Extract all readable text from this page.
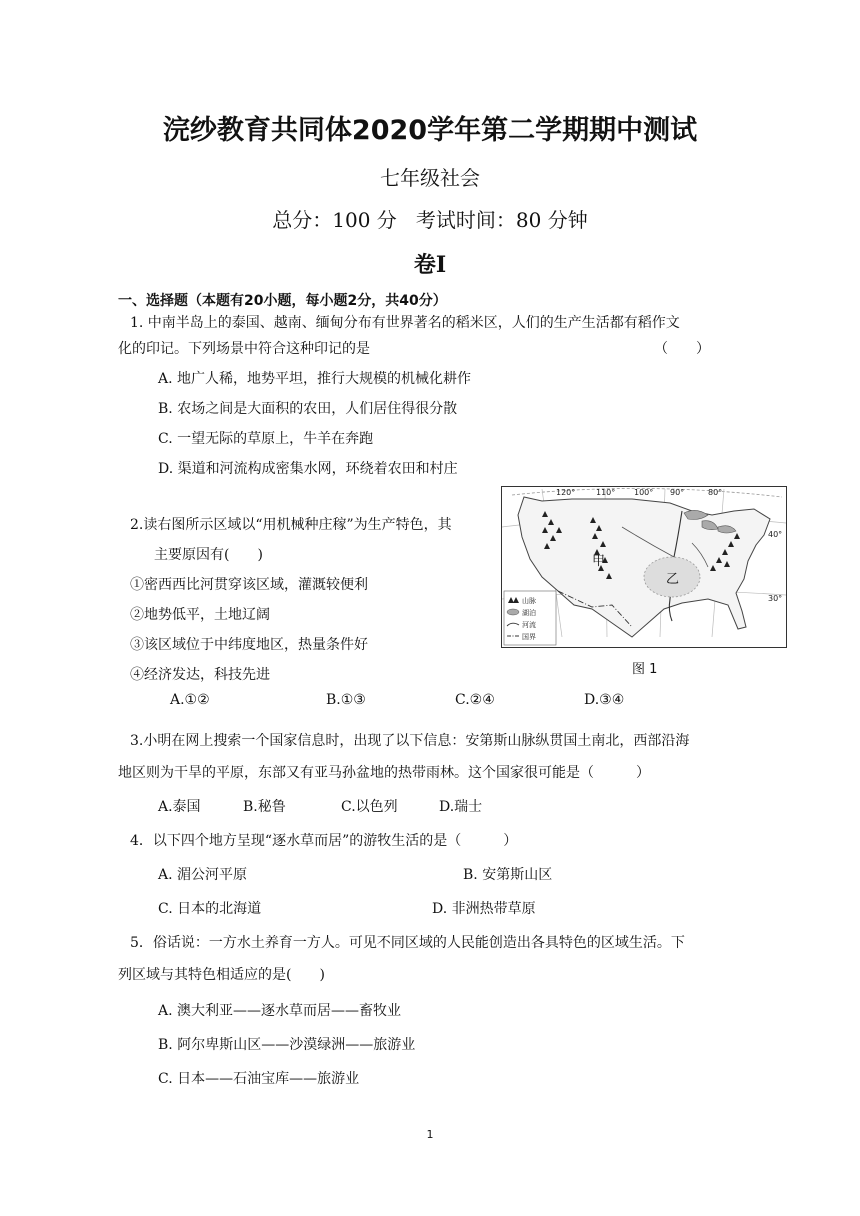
浣纱教育共同体2020学年第二学期期中测试
七年级社会
总分：100 分   考试时间：80 分钟
卷Ⅰ
一、选择题（本题有20小题，每小题2分，共40分）
1. 中南半岛上的泰国、越南、缅甸分布有世界著名的稻米区，人们的生产生活都有稻作文
化的印记。下列场景中符合这种印记的是	（　　）
A. 地广人稀，地势平坦，推行大规模的机械化耕作
B. 农场之间是大面积的农田，人们居住得很分散
C. 一望无际的草原上，牛羊在奔跑
D. 渠道和河流构成密集水网，环绕着农田和村庄
2.读右图所示区域以“用机械种庄稼”为生产特色，其
主要原因有(　　)
①密西西比河贯穿该区域，灌溉较便利
②地势低平，土地辽阔
③该区域位于中纬度地区，热量条件好
④经济发达，科技先进
A.①②	B.①③	C.②④	D.③④
120°	110° 100° 90°	80°
40°
30°
甲
乙
山脉
湖泊
河流
国界
图 1
3.小明在网上搜索一个国家信息时，出现了以下信息：安第斯山脉纵贯国土南北，西部沿海
地区则为干旱的平原，东部又有亚马孙盆地的热带雨林。这个国家很可能是（　　　）
A.泰国	B.秘鲁	C.以色列	D.瑞士
4．以下四个地方呈现“逐水草而居”的游牧生活的是（　　　）
A. 湄公河平原	B. 安第斯山区
C. 日本的北海道	D. 非洲热带草原
5．俗话说：一方水土养育一方人。可见不同区域的人民能创造出各具特色的区域生活。下
列区域与其特色相适应的是(　　)
A. 澳大利亚——逐水草而居——畜牧业
B. 阿尔卑斯山区——沙漠绿洲——旅游业
C. 日本——石油宝库——旅游业
1
